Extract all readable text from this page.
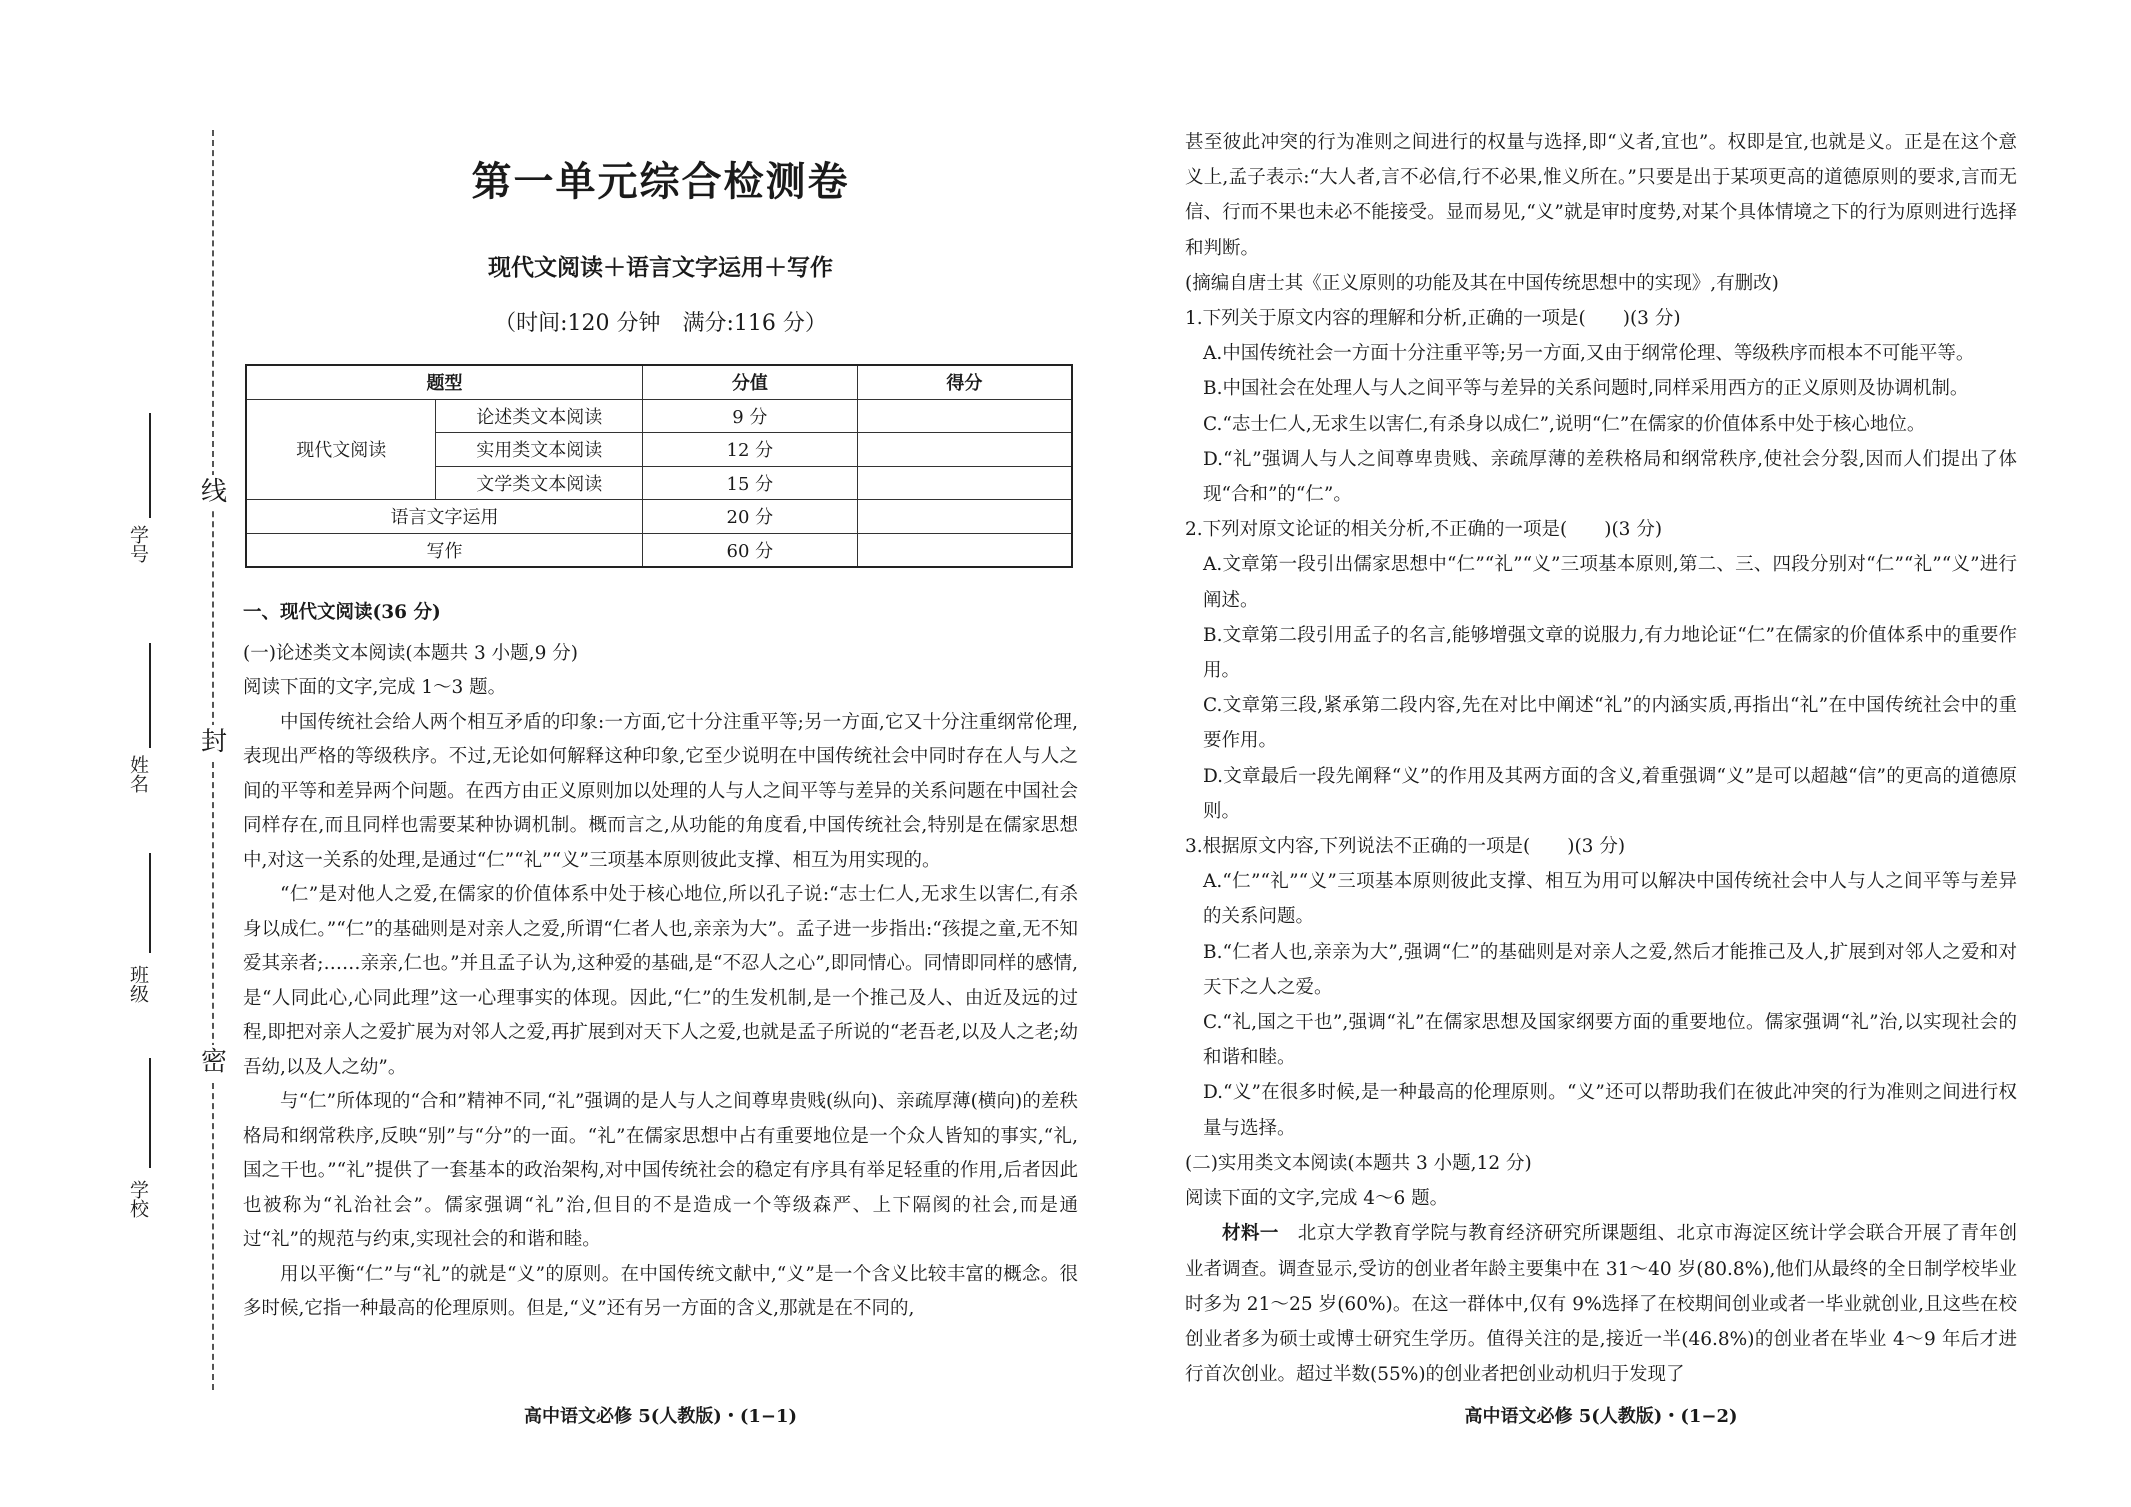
线
封
密
学号
姓名
班级
学校
第一单元综合检测卷
现代文阅读＋语言文字运用＋写作
（时间:120 分钟　满分:116 分）
题型		分值	得分
现代文阅读	论述类文本阅读	9 分	
	实用类文本阅读	12 分	
	文学类文本阅读	15 分	
语言文字运用		20 分	
写作		60 分	

一、现代文阅读(36 分)

(一)论述类文本阅读(本题共 3 小题,9 分)

阅读下面的文字,完成 1～3 题。

中国传统社会给人两个相互矛盾的印象:一方面,它十分注重平等;另一方面,它又十分注重纲常伦理,表现出严格的等级秩序。不过,无论如何解释这种印象,它至少说明在中国传统社会中同时存在人与人之间的平等和差异两个问题。在西方由正义原则加以处理的人与人之间平等与差异的关系问题在中国社会同样存在,而且同样也需要某种协调机制。概而言之,从功能的角度看,中国传统社会,特别是在儒家思想中,对这一关系的处理,是通过“仁”“礼”“义”三项基本原则彼此支撑、相互为用实现的。

“仁”是对他人之爱,在儒家的价值体系中处于核心地位,所以孔子说:“志士仁人,无求生以害仁,有杀身以成仁。”“仁”的基础则是对亲人之爱,所谓“仁者人也,亲亲为大”。孟子进一步指出:“孩提之童,无不知爱其亲者;……亲亲,仁也。”并且孟子认为,这种爱的基础,是“不忍人之心”,即同情心。同情即同样的感情,是“人同此心,心同此理”这一心理事实的体现。因此,“仁”的生发机制,是一个推己及人、由近及远的过程,即把对亲人之爱扩展为对邻人之爱,再扩展到对天下人之爱,也就是孟子所说的“老吾老,以及人之老;幼吾幼,以及人之幼”。

与“仁”所体现的“合和”精神不同,“礼”强调的是人与人之间尊卑贵贱(纵向)、亲疏厚薄(横向)的差秩格局和纲常秩序,反映“别”与“分”的一面。“礼”在儒家思想中占有重要地位是一个众人皆知的事实,“礼,国之干也。”“礼”提供了一套基本的政治架构,对中国传统社会的稳定有序具有举足轻重的作用,后者因此也被称为“礼治社会”。儒家强调“礼”治,但目的不是造成一个等级森严、上下隔阂的社会,而是通过“礼”的规范与约束,实现社会的和谐和睦。

用以平衡“仁”与“礼”的就是“义”的原则。在中国传统文献中,“义”是一个含义比较丰富的概念。很多时候,它指一种最高的伦理原则。但是,“义”还有另一方面的含义,那就是在不同的,

高中语文必修 5(人教版)・(1−1)

甚至彼此冲突的行为准则之间进行的权量与选择,即“义者,宜也”。权即是宜,也就是义。正是在这个意义上,孟子表示:“大人者,言不必信,行不必果,惟义所在。”只要是出于某项更高的道德原则的要求,言而无信、行而不果也未必不能接受。显而易见,“义”就是审时度势,对某个具体情境之下的行为原则进行选择和判断。

(摘编自唐士其《正义原则的功能及其在中国传统思想中的实现》,有删改)

1.下列关于原文内容的理解和分析,正确的一项是(　　)(3 分)

A.中国传统社会一方面十分注重平等;另一方面,又由于纲常伦理、等级秩序而根本不可能平等。

B.中国社会在处理人与人之间平等与差异的关系问题时,同样采用西方的正义原则及协调机制。

C.“志士仁人,无求生以害仁,有杀身以成仁”,说明“仁”在儒家的价值体系中处于核心地位。

D.“礼”强调人与人之间尊卑贵贱、亲疏厚薄的差秩格局和纲常秩序,使社会分裂,因而人们提出了体现“合和”的“仁”。

2.下列对原文论证的相关分析,不正确的一项是(　　)(3 分)

A.文章第一段引出儒家思想中“仁”“礼”“义”三项基本原则,第二、三、四段分别对“仁”“礼”“义”进行阐述。

B.文章第二段引用孟子的名言,能够增强文章的说服力,有力地论证“仁”在儒家的价值体系中的重要作用。

C.文章第三段,紧承第二段内容,先在对比中阐述“礼”的内涵实质,再指出“礼”在中国传统社会中的重要作用。

D.文章最后一段先阐释“义”的作用及其两方面的含义,着重强调“义”是可以超越“信”的更高的道德原则。

3.根据原文内容,下列说法不正确的一项是(　　)(3 分)

A.“仁”“礼”“义”三项基本原则彼此支撑、相互为用可以解决中国传统社会中人与人之间平等与差异的关系问题。

B.“仁者人也,亲亲为大”,强调“仁”的基础则是对亲人之爱,然后才能推己及人,扩展到对邻人之爱和对天下之人之爱。

C.“礼,国之干也”,强调“礼”在儒家思想及国家纲要方面的重要地位。儒家强调“礼”治,以实现社会的和谐和睦。

D.“义”在很多时候,是一种最高的伦理原则。“义”还可以帮助我们在彼此冲突的行为准则之间进行权量与选择。

(二)实用类文本阅读(本题共 3 小题,12 分)

阅读下面的文字,完成 4～6 题。

材料一　北京大学教育学院与教育经济研究所课题组、北京市海淀区统计学会联合开展了青年创业者调查。调查显示,受访的创业者年龄主要集中在 31～40 岁(80.8%),他们从最终的全日制学校毕业时多为 21～25 岁(60%)。在这一群体中,仅有 9%选择了在校期间创业或者一毕业就创业,且这些在校创业者多为硕士或博士研究生学历。值得关注的是,接近一半(46.8%)的创业者在毕业 4～9 年后才进行首次创业。超过半数(55%)的创业者把创业动机归于发现了

高中语文必修 5(人教版)・(1−2)
